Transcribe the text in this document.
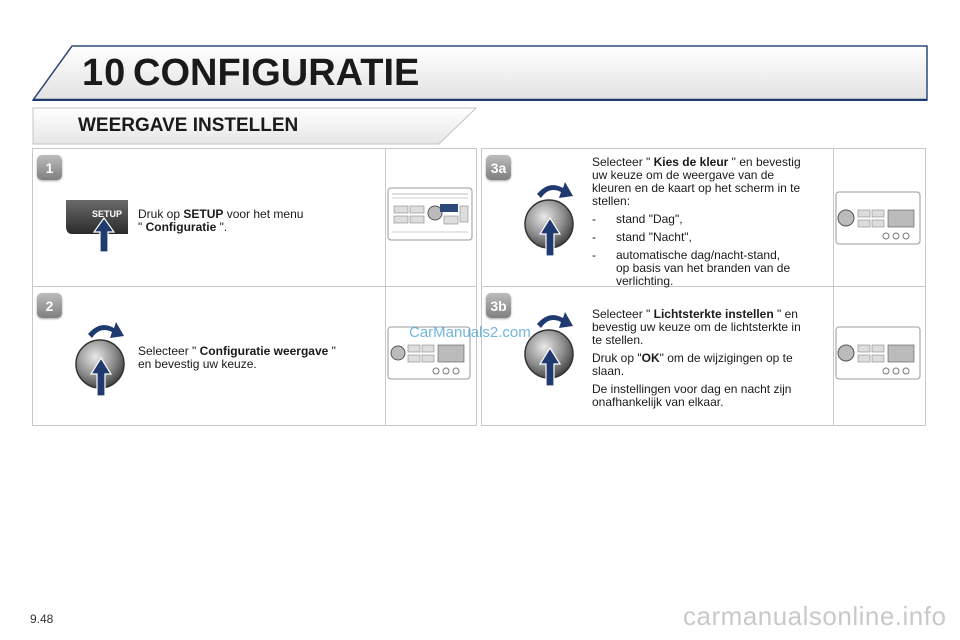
10 CONFIGURATIE
WEERGAVE INSTELLEN
1
SETUP Druk op SETUP voor het menu
" Configuratie ".
2
Selecteer " Configuratie weergave "
en bevestig uw keuze.
CarManuals2.com
3a	Selecteer " Kies de kleur " en bevestig
uw keuze om de weergave van de
kleuren en de kaart op het scherm in te
stellen:
-	stand "Dag",
-	stand "Nacht",
-	automatische dag/nacht-stand,
op basis van het branden van de
verlichting.
3b
Selecteer " Lichtsterkte instellen " en
bevestig uw keuze om de lichtsterkte in
te stellen.
Druk op "OK" om de wijzigingen op te
slaan.
De instellingen voor dag en nacht zijn
onafhankelijk van elkaar.
9.48	carmanualsonline.info
